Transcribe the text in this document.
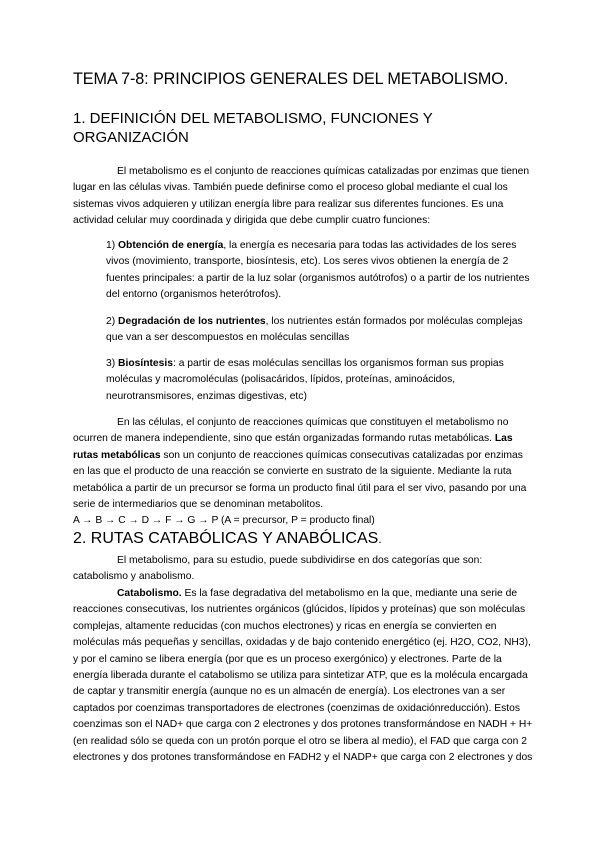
TEMA 7-8: PRINCIPIOS GENERALES DEL METABOLISMO.
1. DEFINICIÓN DEL METABOLISMO, FUNCIONES Y ORGANIZACIÓN
El metabolismo es el conjunto de reacciones químicas catalizadas por enzimas que tienen lugar en las células vivas. También puede definirse como el proceso global mediante el cual los sistemas vivos adquieren y utilizan energía libre para realizar sus diferentes funciones. Es una actividad celular muy coordinada y dirigida que debe cumplir cuatro funciones:
1) Obtención de energía, la energía es necesaria para todas las actividades de los seres vivos (movimiento, transporte, biosíntesis, etc). Los seres vivos obtienen la energía de 2 fuentes principales: a partir de la luz solar (organismos autótrofos) o a partir de los nutrientes del entorno (organismos heterótrofos).
2) Degradación de los nutrientes, los nutrientes están formados por moléculas complejas que van a ser descompuestos en moléculas sencillas
3) Biosíntesis: a partir de esas moléculas sencillas los organismos forman sus propias moléculas y macromoléculas (polisacáridos, lípidos, proteínas, aminoácidos, neurotransmisores, enzimas digestivas, etc)
En las células, el conjunto de reacciones químicas que constituyen el metabolismo no ocurren de manera independiente, sino que están organizadas formando rutas metabólicas. Las rutas metabólicas son un conjunto de reacciones químicas consecutivas catalizadas por enzimas en las que el producto de una reacción se convierte en sustrato de la siguiente. Mediante la ruta metabólica a partir de un precursor se forma un producto final útil para el ser vivo, pasando por una serie de intermediarios que se denominan metabolitos.
A → B → C → D → F → G → P (A = precursor, P = producto final)
2. RUTAS CATABÓLICAS Y ANABÓLICAS.
El metabolismo, para su estudio, puede subdividirse en dos categorías que son: catabolismo y anabolismo.
Catabolismo. Es la fase degradativa del metabolismo en la que, mediante una serie de reacciones consecutivas, los nutrientes orgánicos (glúcidos, lípidos y proteínas) que son moléculas complejas, altamente reducidas (con muchos electrones) y ricas en energía se convierten en moléculas más pequeñas y sencillas, oxidadas y de bajo contenido energético (ej. H2O, CO2, NH3), y por el camino se libera energía (por que es un proceso exergónico) y electrones. Parte de la energía liberada durante el catabolismo se utiliza para sintetizar ATP, que es la molécula encargada de captar y transmitir energía (aunque no es un almacén de energía). Los electrones van a ser captados por coenzimas transportadores de electrones (coenzimas de oxidaciónreducción). Estos coenzimas son el NAD+ que carga con 2 electrones y dos protones transformándose en NADH + H+ (en realidad sólo se queda con un protón porque el otro se libera al medio), el FAD que carga con 2 electrones y dos protones transformándose en FADH2 y el NADP+ que carga con 2 electrones y dos
